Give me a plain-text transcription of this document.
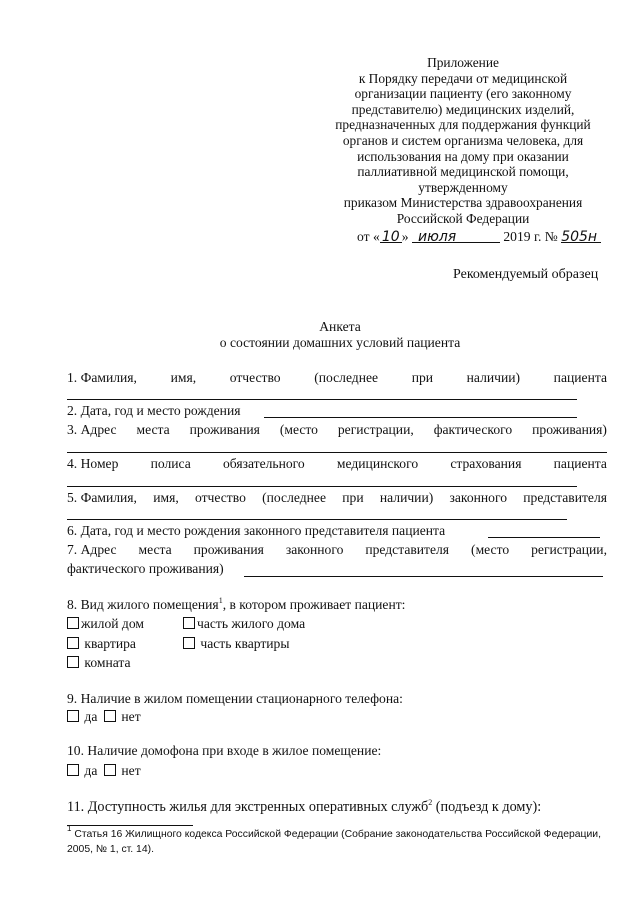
Приложение
к Порядку передачи от медицинской
организации пациенту (его законному
представителю) медицинских изделий,
предназначенных для поддержания функций
органов и систем организма человека, для
использования на дому при оказании
паллиативной медицинской помощи,
утвержденному
приказом Министерства здравоохранения
Российской Федерации
от « 10 » июля	2019 г. № 505н
Рекомендуемый образец
Анкета
о состоянии домашних условий пациента
1. Фамилия, имя, отчество (последнее при наличии) пациента
2. Дата, год и место рождения
3. Адрес места проживания (место регистрации, фактического проживания)
4. Номер полиса обязательного медицинского страхования пациента
5. Фамилия, имя, отчество (последнее при наличии) законного представителя
6. Дата, год и место рождения законного представителя пациента
7. Адрес места проживания законного представителя (место регистрации,
фактического проживания)
8. Вид жилого помещения$^1$, в котором проживает пациент:
жилой дом	часть жилого дома
квартира	часть квартиры
комната
9. Наличие в жилом помещении стационарного телефона:
да	нет
10. Наличие домофона при входе в жилое помещение:
да	нет
11. Доступность жилья для экстренных оперативных служб$^2$ (подъезд к дому):
$^1$ Статья 16 Жилищного кодекса Российской Федерации (Собрание законодательства Российской Федерации, 2005, № 1, ст. 14).
